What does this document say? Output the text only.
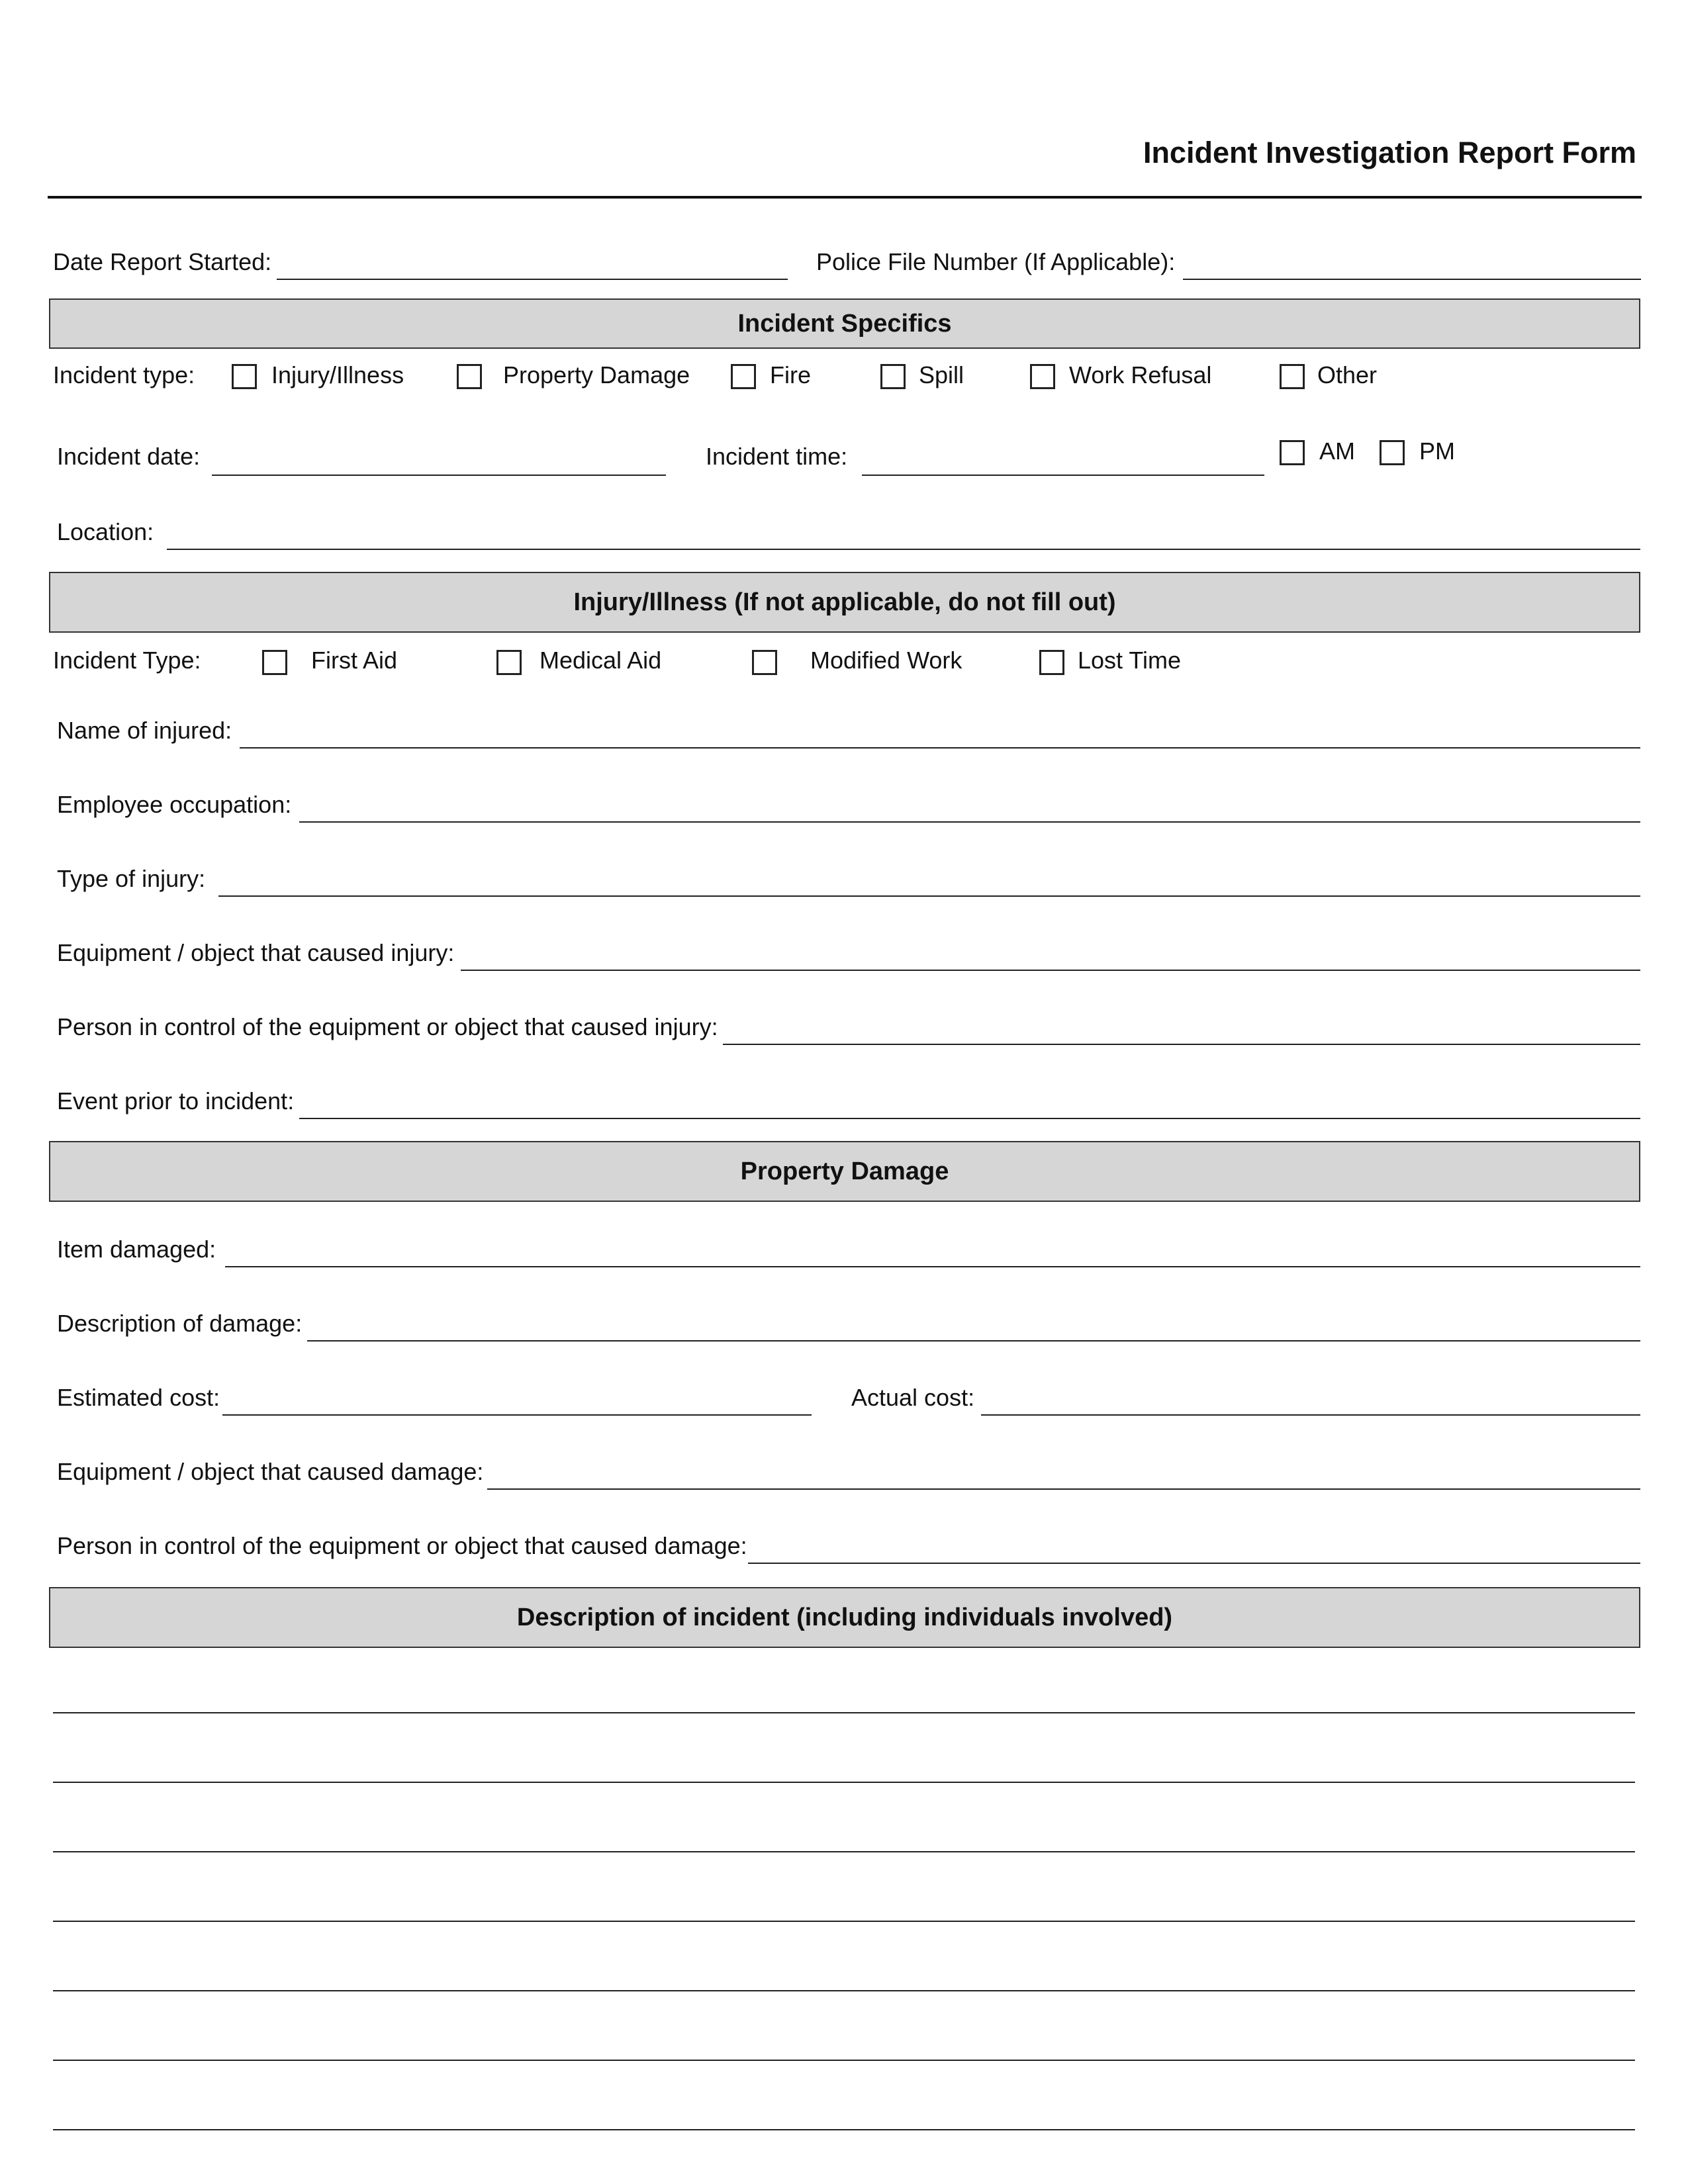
Incident Investigation Report Form
Date Report Started:	Police File Number (If Applicable):
Incident Specifics
Incident type:	Injury/Illness	Property Damage	Fire	Spill	Work Refusal	Other
Incident date:	Incident time:	AM	PM
Location:
Injury/Illness (If not applicable, do not fill out)
Incident Type:	First Aid	Medical Aid	Modified Work	Lost Time
Name of injured:
Employee occupation:
Type of injury:
Equipment / object that caused injury:
Person in control of the equipment or object that caused injury:
Event prior to incident:
Property Damage
Item damaged:
Description of damage:
Estimated cost:	Actual cost:
Equipment / object that caused damage:
Person in control of the equipment or object that caused damage:
Description of incident (including individuals involved)
